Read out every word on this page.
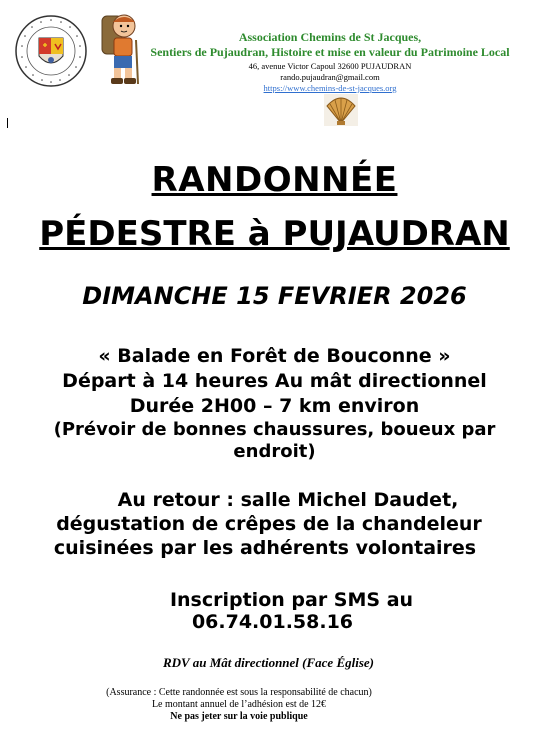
Association Chemins de St Jacques,
Sentiers de Pujaudran, Histoire et mise en valeur du Patrimoine Local
46, avenue Victor Capoul 32600 PUJAUDRAN
rando.pujaudran@gmail.com
https://www.chemins-de-st-jacques.org
RANDONNÉE
PÉDESTRE à PUJAUDRAN
DIMANCHE 15 FEVRIER 2026
« Balade en Forêt de Bouconne »
Départ à 14 heures Au mât directionnel
Durée 2H00 – 7 km environ
(Prévoir de bonnes chaussures, boueux par
endroit)
Au retour : salle Michel Daudet,
dégustation de crêpes de la chandeleur
cuisinées par les adhérents volontaires
Inscription par SMS au
06.74.01.58.16
RDV au Mât directionnel (Face Église)
(Assurance : Cette randonnée est sous la responsabilité de chacun)
Le montant annuel de l’adhésion est de 12€
Ne pas jeter sur la voie publique
